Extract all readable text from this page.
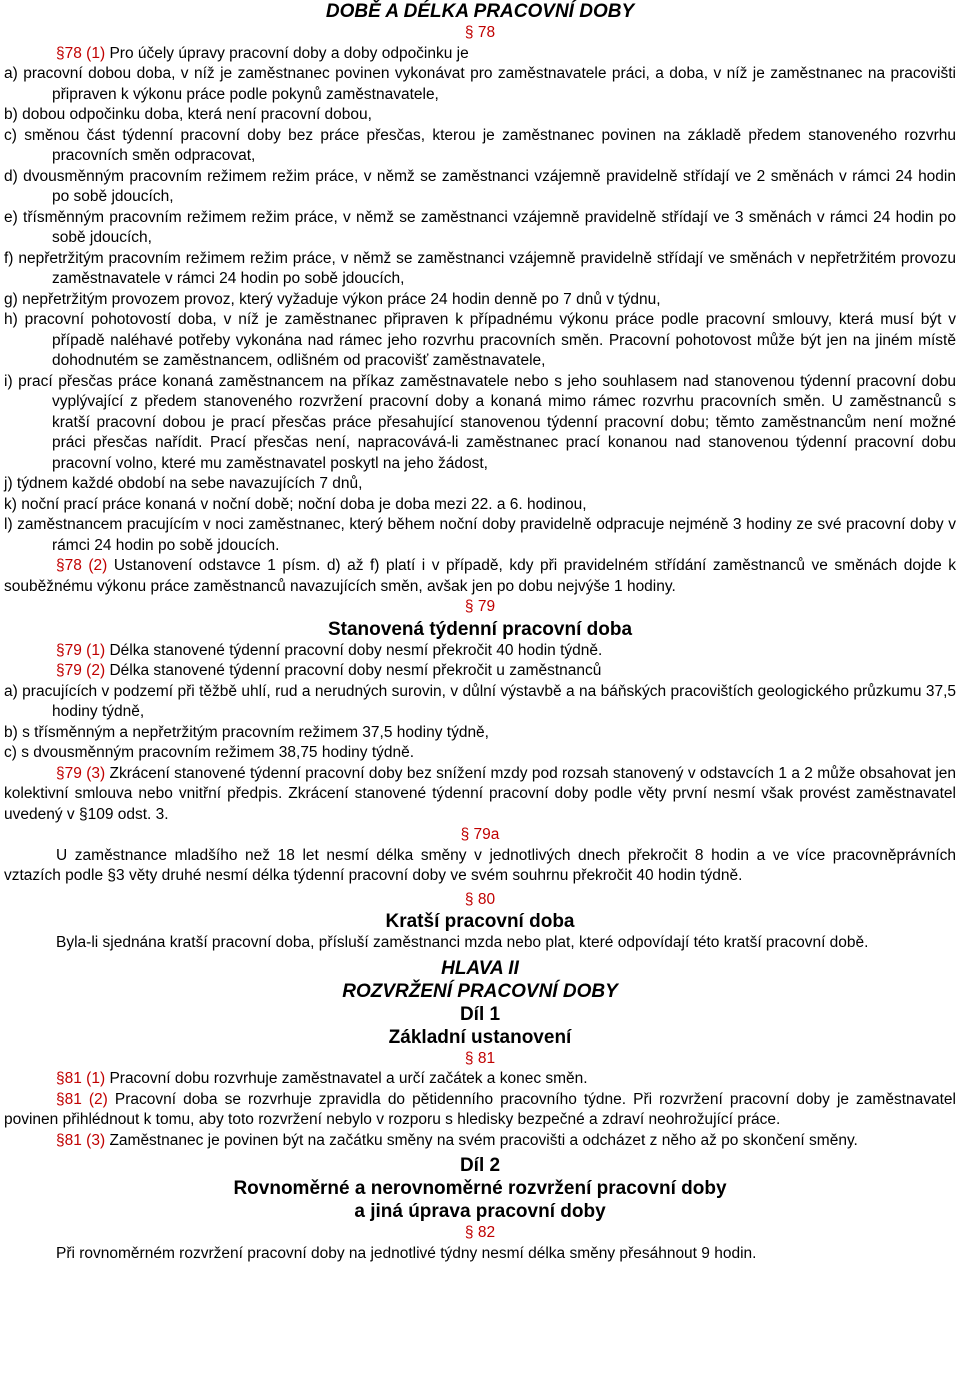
DOBĚ A DÉLKA PRACOVNÍ DOBY
§ 78
§78 (1) Pro účely úpravy pracovní doby a doby odpočinku je
a) pracovní dobou doba, v níž je zaměstnanec povinen vykonávat pro zaměstnavatele práci, a doba, v níž je zaměstnanec na pracovišti připraven k výkonu práce podle pokynů zaměstnavatele,
b) dobou odpočinku doba, která není pracovní dobou,
c) směnou část týdenní pracovní doby bez práce přesčas, kterou je zaměstnanec povinen na základě předem stanoveného rozvrhu pracovních směn odpracovat,
d) dvousměnným pracovním režimem režim práce, v němž se zaměstnanci vzájemně pravidelně střídají ve 2 směnách v rámci 24 hodin po sobě jdoucích,
e) třísměnným pracovním režimem režim práce, v němž se zaměstnanci vzájemně pravidelně střídají ve 3 směnách v rámci 24 hodin po sobě jdoucích,
f) nepřetržitým pracovním režimem režim práce, v němž se zaměstnanci vzájemně pravidelně střídají ve směnách v nepřetržitém provozu zaměstnavatele v rámci 24 hodin po sobě jdoucích,
g) nepřetržitým provozem provoz, který vyžaduje výkon práce 24 hodin denně po 7 dnů v týdnu,
h) pracovní pohotovostí doba, v níž je zaměstnanec připraven k případnému výkonu práce podle pracovní smlouvy, která musí být v případě naléhavé potřeby vykonána nad rámec jeho rozvrhu pracovních směn. Pracovní pohotovost může být jen na jiném místě dohodnutém se zaměstnancem, odlišném od pracovišť zaměstnavatele,
i) prací přesčas práce konaná zaměstnancem na příkaz zaměstnavatele nebo s jeho souhlasem nad stanovenou týdenní pracovní dobu vyplývající z předem stanoveného rozvržení pracovní doby a konaná mimo rámec rozvrhu pracovních směn. U zaměstnanců s kratší pracovní dobou je prací přesčas práce přesahující stanovenou týdenní pracovní dobu; těmto zaměstnancům není možné práci přesčas nařídit. Prací přesčas není, napracovává-li zaměstnanec prací konanou nad stanovenou týdenní pracovní dobu pracovní volno, které mu zaměstnavatel poskytl na jeho žádost,
j) týdnem každé období na sebe navazujících 7 dnů,
k) noční prací práce konaná v noční době; noční doba je doba mezi 22. a 6. hodinou,
l) zaměstnancem pracujícím v noci zaměstnanec, který během noční doby pravidelně odpracuje nejméně 3 hodiny ze své pracovní doby v rámci 24 hodin po sobě jdoucích.
§78 (2) Ustanovení odstavce 1 písm. d) až f) platí i v případě, kdy při pravidelném střídání zaměstnanců ve směnách dojde k souběžnému výkonu práce zaměstnanců navazujících směn, avšak jen po dobu nejvýše 1 hodiny.
§ 79
Stanovená týdenní pracovní doba
§79 (1) Délka stanovené týdenní pracovní doby nesmí překročit 40 hodin týdně.
§79 (2) Délka stanovené týdenní pracovní doby nesmí překročit u zaměstnanců
a) pracujících v podzemí při těžbě uhlí, rud a nerudných surovin, v důlní výstavbě a na báňských pracovištích geologického průzkumu 37,5 hodiny týdně,
b) s třísměnným a nepřetržitým pracovním režimem 37,5 hodiny týdně,
c) s dvousměnným pracovním režimem 38,75 hodiny týdně.
§79 (3) Zkrácení stanovené týdenní pracovní doby bez snížení mzdy pod rozsah stanovený v odstavcích 1 a 2 může obsahovat jen kolektivní smlouva nebo vnitřní předpis. Zkrácení stanovené týdenní pracovní doby podle věty první nesmí však provést zaměstnavatel uvedený v §109 odst. 3.
§ 79a
U zaměstnance mladšího než 18 let nesmí délka směny v jednotlivých dnech překročit 8 hodin a ve více pracovněprávních vztazích podle §3 věty druhé nesmí délka týdenní pracovní doby ve svém souhrnu překročit 40 hodin týdně.
§ 80
Kratší pracovní doba
Byla-li sjednána kratší pracovní doba, přísluší zaměstnanci mzda nebo plat, které odpovídají této kratší pracovní době.
HLAVA II
ROZVRŽENÍ PRACOVNÍ DOBY
Díl 1
Základní ustanovení
§ 81
§81 (1) Pracovní dobu rozvrhuje zaměstnavatel a určí začátek a konec směn.
§81 (2) Pracovní doba se rozvrhuje zpravidla do pětidenního pracovního týdne. Při rozvržení pracovní doby je zaměstnavatel povinen přihlédnout k tomu, aby toto rozvržení nebylo v rozporu s hledisky bezpečné a zdraví neohrožující práce.
§81 (3) Zaměstnanec je povinen být na začátku směny na svém pracovišti a odcházet z něho až po skončení směny.
Díl 2
Rovnoměrné a nerovnoměrné rozvržení pracovní doby
a jiná úprava pracovní doby
§ 82
Při rovnoměrném rozvržení pracovní doby na jednotlivé týdny nesmí délka směny přesáhnout 9 hodin.
